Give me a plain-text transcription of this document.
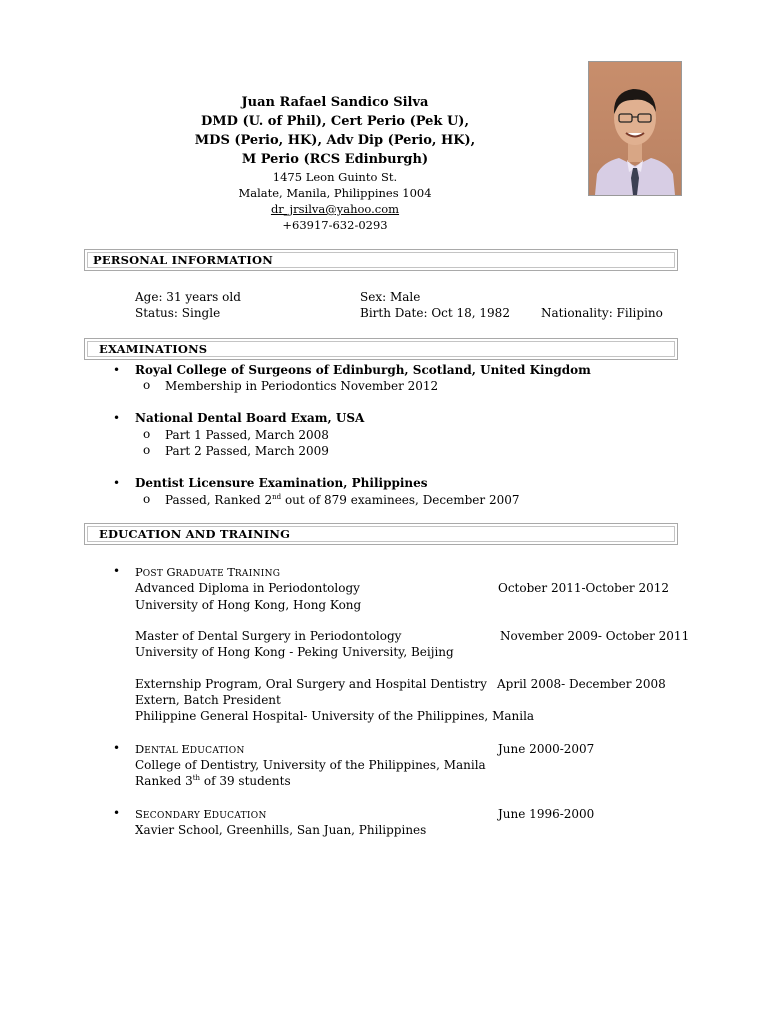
Juan Rafael Sandico Silva
DMD (U. of Phil), Cert Perio (Pek U),
MDS (Perio, HK), Adv Dip (Perio, HK),
M Perio (RCS Edinburgh)
1475 Leon Guinto St.
Malate, Manila, Philippines 1004
dr_jrsilva@yahoo.com
+63917-632-0293
PERSONAL INFORMATION
Age: 31 years old	Sex: Male
Status: Single	Birth Date: Oct 18, 1982	Nationality: Filipino
EXAMINATIONS
• Royal College of Surgeons of Edinburgh, Scotland, United Kingdom
o Membership in Periodontics November 2012
• National Dental Board Exam, USA
o Part 1 Passed, March 2008
o Part 2 Passed, March 2009
• Dentist Licensure Examination, Philippines
o Passed, Ranked 2nd out of 879 examinees, December 2007
EDUCATION AND TRAINING
• POST GRADUATE TRAINING
Advanced Diploma in Periodontology	October 2011-October 2012
University of Hong Kong, Hong Kong
Master of Dental Surgery in Periodontology	November 2009- October 2011
University of Hong Kong - Peking University, Beijing
Externship Program, Oral Surgery and Hospital Dentistry April 2008- December 2008
Extern, Batch President
Philippine General Hospital- University of the Philippines, Manila
• DENTAL EDUCATION	June 2000-2007
College of Dentistry, University of the Philippines, Manila
Ranked 3th of 39 students
• SECONDARY EDUCATION	June 1996-2000
Xavier School, Greenhills, San Juan, Philippines
